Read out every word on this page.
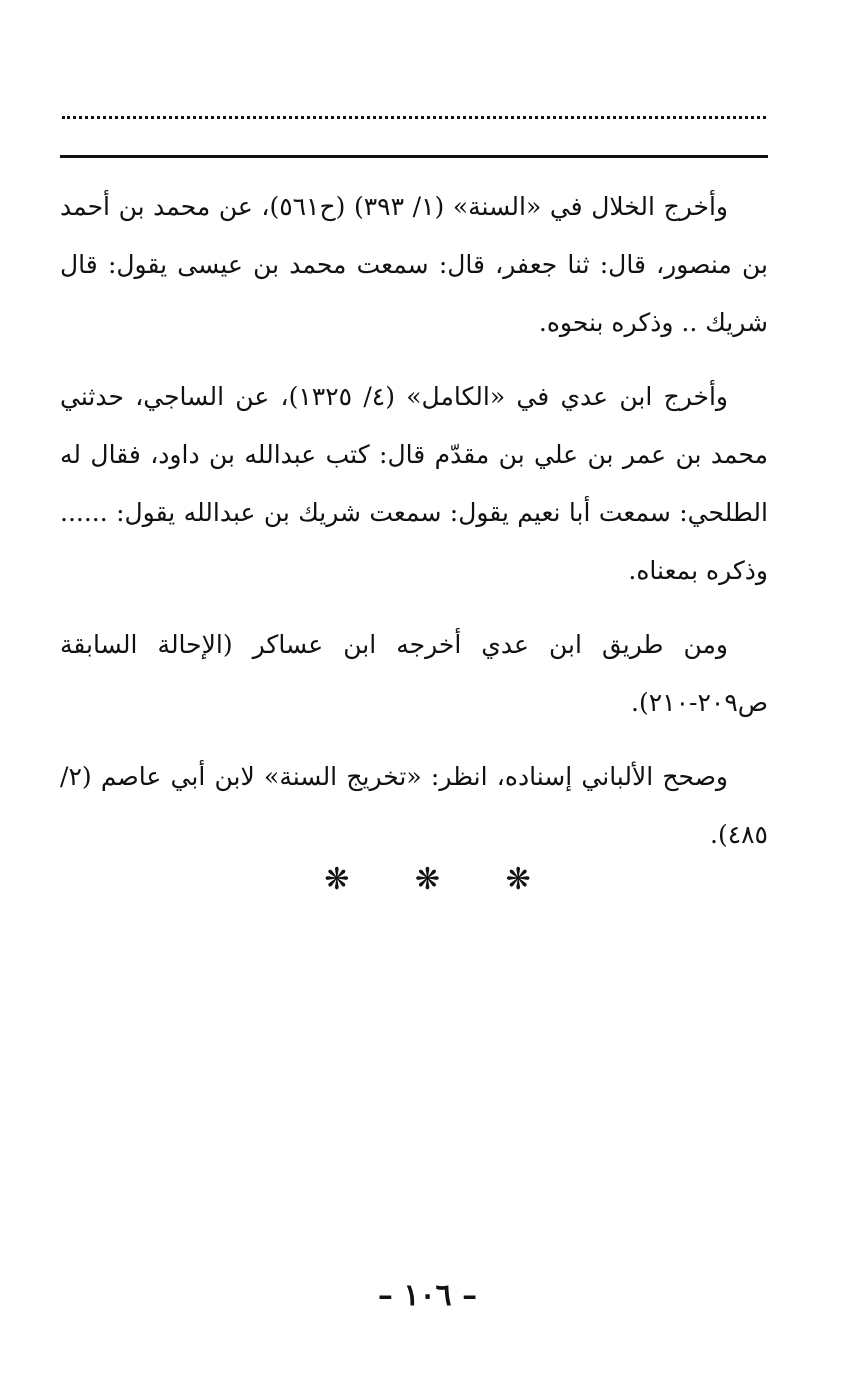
وأخرج الخلال في «السنة» (١/ ٣٩٣) (ح٥٦١)، عن محمد بن أحمد بن منصور، قال: ثنا جعفر، قال: سمعت محمد بن عيسى يقول: قال شريك .. وذكره بنحوه.

وأخرج ابن عدي في «الكامل» (٤/ ١٣٢٥)، عن الساجي، حدثني محمد بن عمر بن علي بن مقدّم قال: كتب عبدالله بن داود، فقال له الطلحي: سمعت أبا نعيم يقول: سمعت شريك بن عبدالله يقول: ...... وذكره بمعناه.

ومن طريق ابن عدي أخرجه ابن عساكر (الإحالة السابقة ص٢٠٩-٢١٠).

وصحح الألباني إسناده، انظر: «تخريج السنة» لابن أبي عاصم (٢/ ٤٨٥).

❋ ❋ ❋
– ١٠٦ –
